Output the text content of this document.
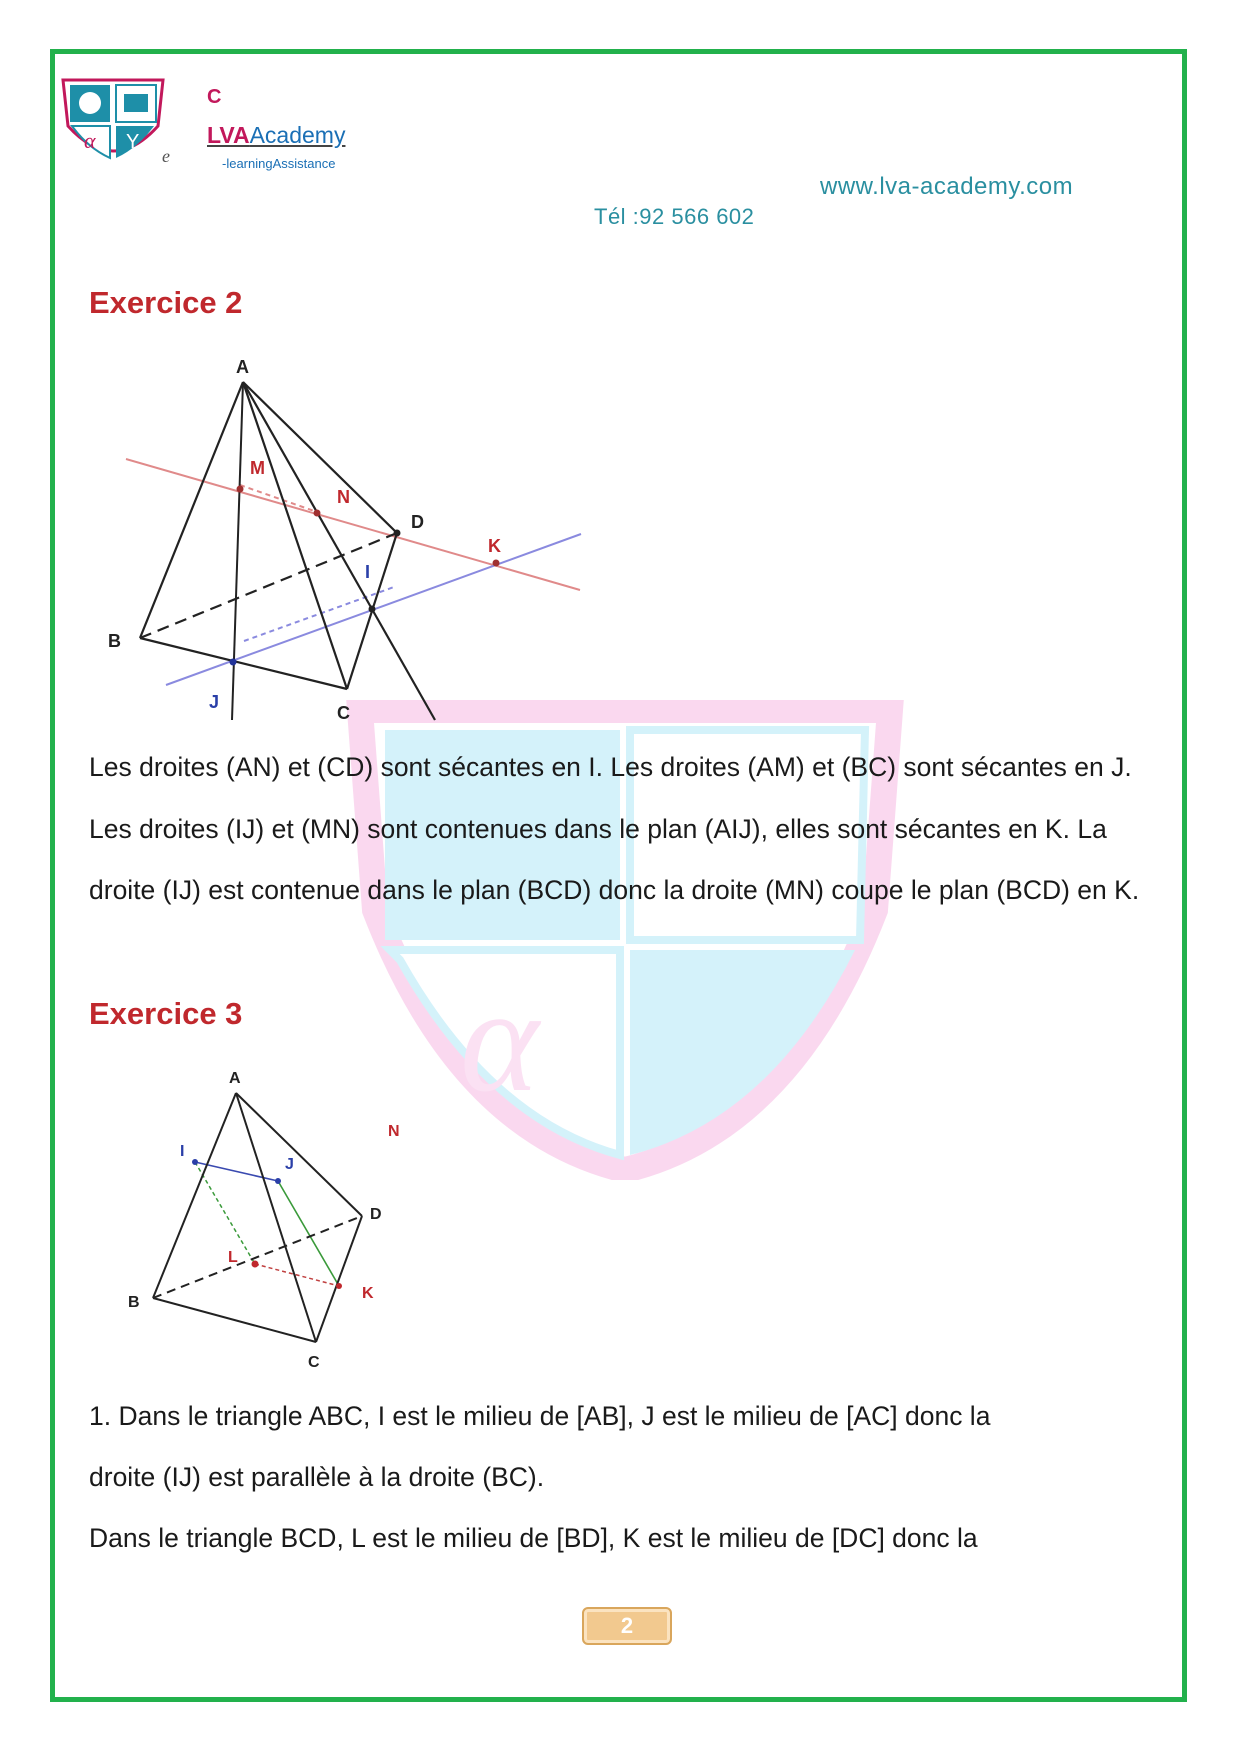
α Y
e
C
LVAAcademy
-learningAssistance
www.lva-academy.com
Tél :92 566 602
α
Exercice 2
A
B
C
D
M
N
K
I
J

Les droites (AN) et (CD) sont sécantes en I. Les droites (AM) et (BC) sont sécantes en J. Les droites (IJ) et (MN) sont contenues dans le plan (AIJ), elles sont sécantes en K. La droite (IJ) est contenue dans le plan (BCD) donc la droite (MN) coupe le plan (BCD) en K.

Exercice 3
A
B
C
D
I
J
L
K
N

1. Dans le triangle ABC, I est le milieu de [AB], J est le milieu de [AC] donc la

droite (IJ) est parallèle à la droite (BC).

Dans le triangle BCD, L est le milieu de [BD], K est le milieu de [DC] donc la

2
